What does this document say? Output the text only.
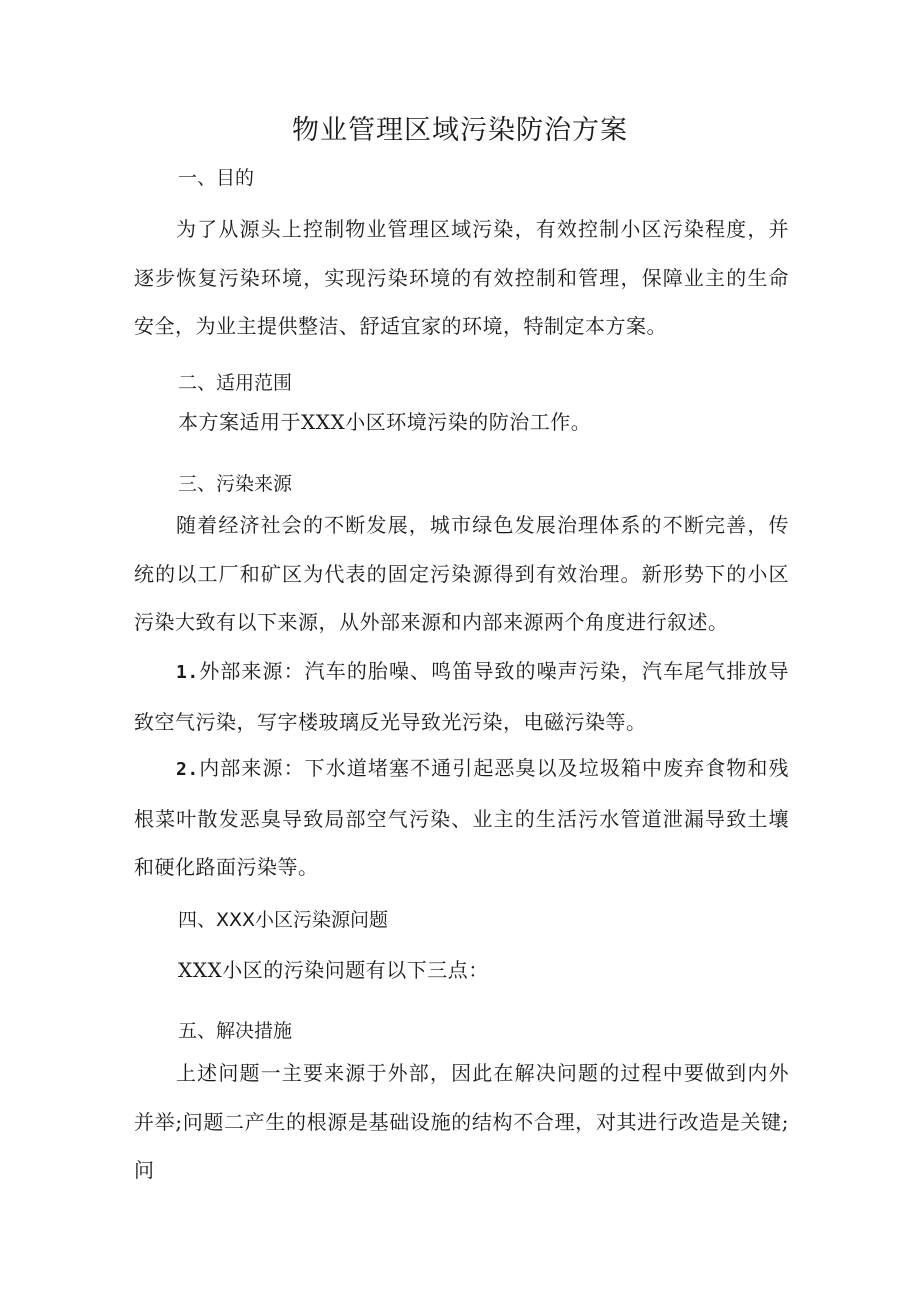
物业管理区域污染防治方案
一、目的
为了从源头上控制物业管理区域污染，有效控制小区污染程度，并逐步恢复污染环境，实现污染环境的有效控制和管理，保障业主的生命安全，为业主提供整洁、舒适宜家的环境，特制定本方案。
二、适用范围
本方案适用于XXX小区环境污染的防治工作。
三、污染来源
随着经济社会的不断发展，城市绿色发展治理体系的不断完善，传统的以工厂和矿区为代表的固定污染源得到有效治理。新形势下的小区污染大致有以下来源，从外部来源和内部来源两个角度进行叙述。
1.外部来源：汽车的胎噪、鸣笛导致的噪声污染，汽车尾气排放导致空气污染，写字楼玻璃反光导致光污染，电磁污染等。
2.内部来源：下水道堵塞不通引起恶臭以及垃圾箱中废弃食物和残根菜叶散发恶臭导致局部空气污染、业主的生活污水管道泄漏导致土壤和硬化路面污染等。
四、XXX小区污染源问题
XXX小区的污染问题有以下三点：
五、解决措施
上述问题一主要来源于外部，因此在解决问题的过程中要做到内外并举;问题二产生的根源是基础设施的结构不合理，对其进行改造是关键;问
